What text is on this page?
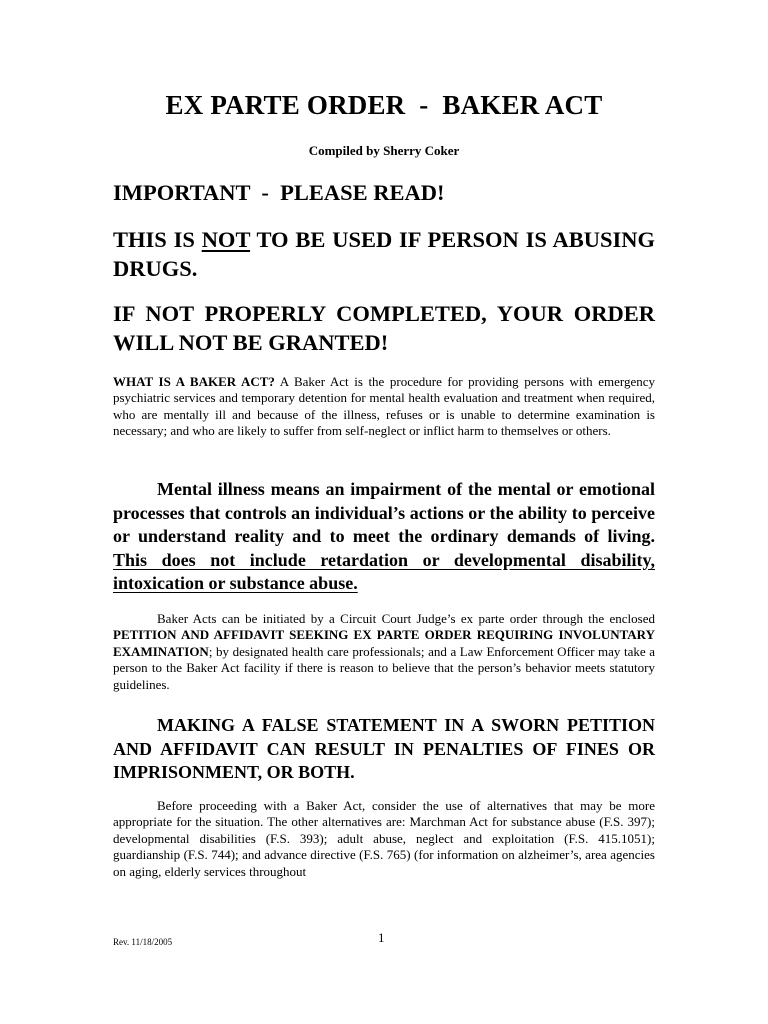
EX PARTE ORDER  -  BAKER ACT
Compiled by Sherry Coker
IMPORTANT  -  PLEASE READ!
THIS IS NOT TO BE USED IF PERSON IS ABUSING DRUGS.
IF NOT PROPERLY COMPLETED, YOUR ORDER WILL NOT BE GRANTED!
WHAT IS A BAKER ACT? A Baker Act is the procedure for providing persons with emergency psychiatric services and temporary detention for mental health evaluation and treatment when required, who are mentally ill and because of the illness, refuses or is unable to determine examination is necessary; and who are likely to suffer from self-neglect or inflict harm to themselves or others.
Mental illness means an impairment of the mental or emotional processes that controls an individual’s actions or the ability to perceive or understand reality and to meet the ordinary demands of living. This does not include retardation or developmental disability, intoxication or substance abuse.
Baker Acts can be initiated by a Circuit Court Judge’s ex parte order through the enclosed PETITION AND AFFIDAVIT SEEKING EX PARTE ORDER REQUIRING INVOLUNTARY EXAMINATION; by designated health care professionals; and a Law Enforcement Officer may take a person to the Baker Act facility if there is reason to believe that the person’s behavior meets statutory guidelines.
MAKING A FALSE STATEMENT IN A SWORN PETITION AND AFFIDAVIT CAN RESULT IN PENALTIES OF FINES OR IMPRISONMENT, OR BOTH.
Before proceeding with a Baker Act, consider the use of alternatives that may be more appropriate for the situation. The other alternatives are: Marchman Act for substance abuse (F.S. 397); developmental disabilities (F.S. 393); adult abuse, neglect and exploitation (F.S. 415.1051); guardianship (F.S. 744); and advance directive (F.S. 765) (for information on alzheimer’s, area agencies on aging, elderly services throughout
Rev. 11/18/2005	1
